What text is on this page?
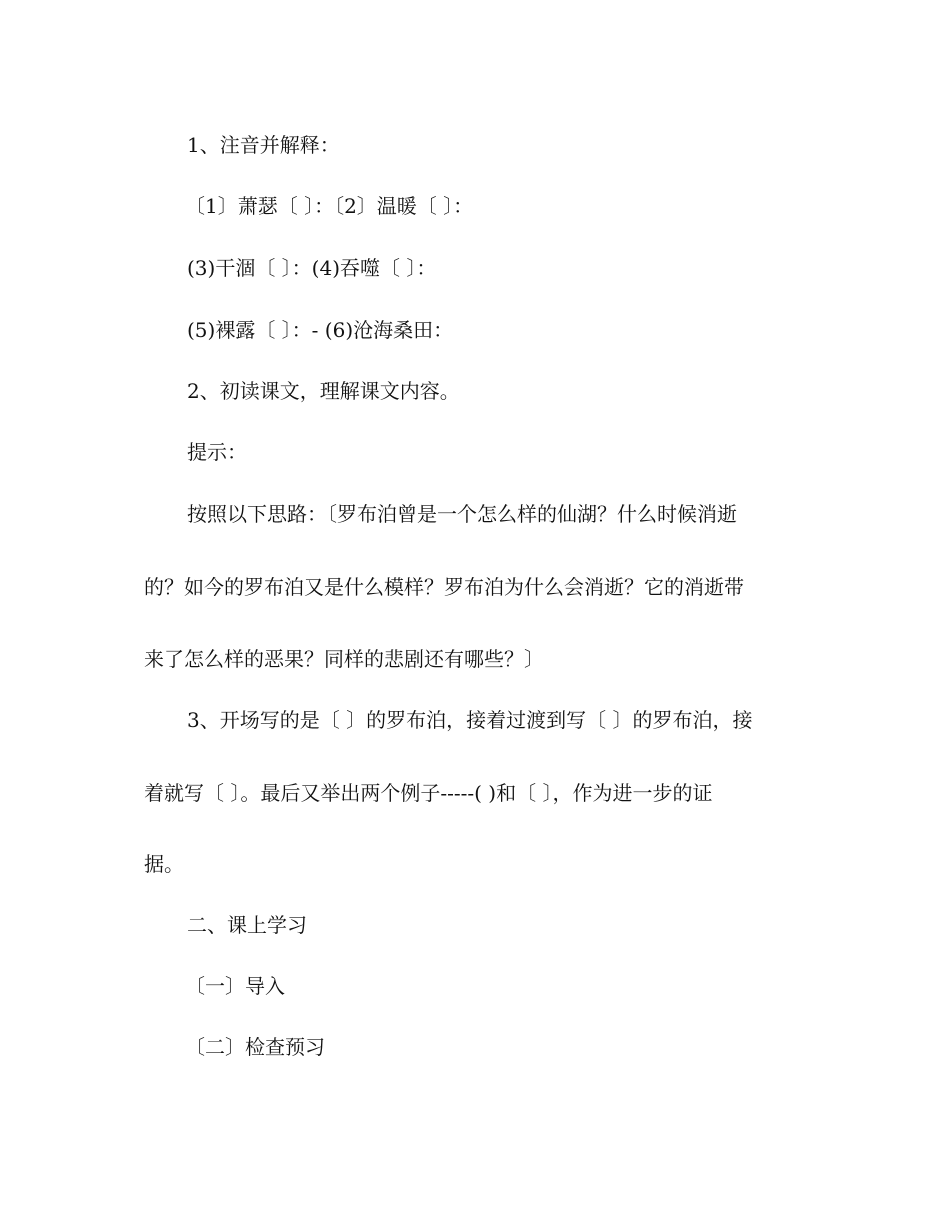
1、注音并解释：
〔1〕萧瑟〔 〕：〔2〕温暖〔 〕：
(3)干涸〔 〕：(4)吞噬〔 〕：
(5)裸露〔 〕：- (6)沧海桑田：
2、初读课文，理解课文内容。
提示：
按照以下思路：〔罗布泊曾是一个怎么样的仙湖？什么时候消逝
的？如今的罗布泊又是什么模样？罗布泊为什么会消逝？它的消逝带
来了怎么样的恶果？同样的悲剧还有哪些？〕
3、开场写的是〔 〕的罗布泊，接着过渡到写〔 〕的罗布泊，接
着就写〔 〕。最后又举出两个例子-----( )和〔 〕，作为进一步的证
据。
二、课上学习
〔一〕导入
〔二〕检查预习
